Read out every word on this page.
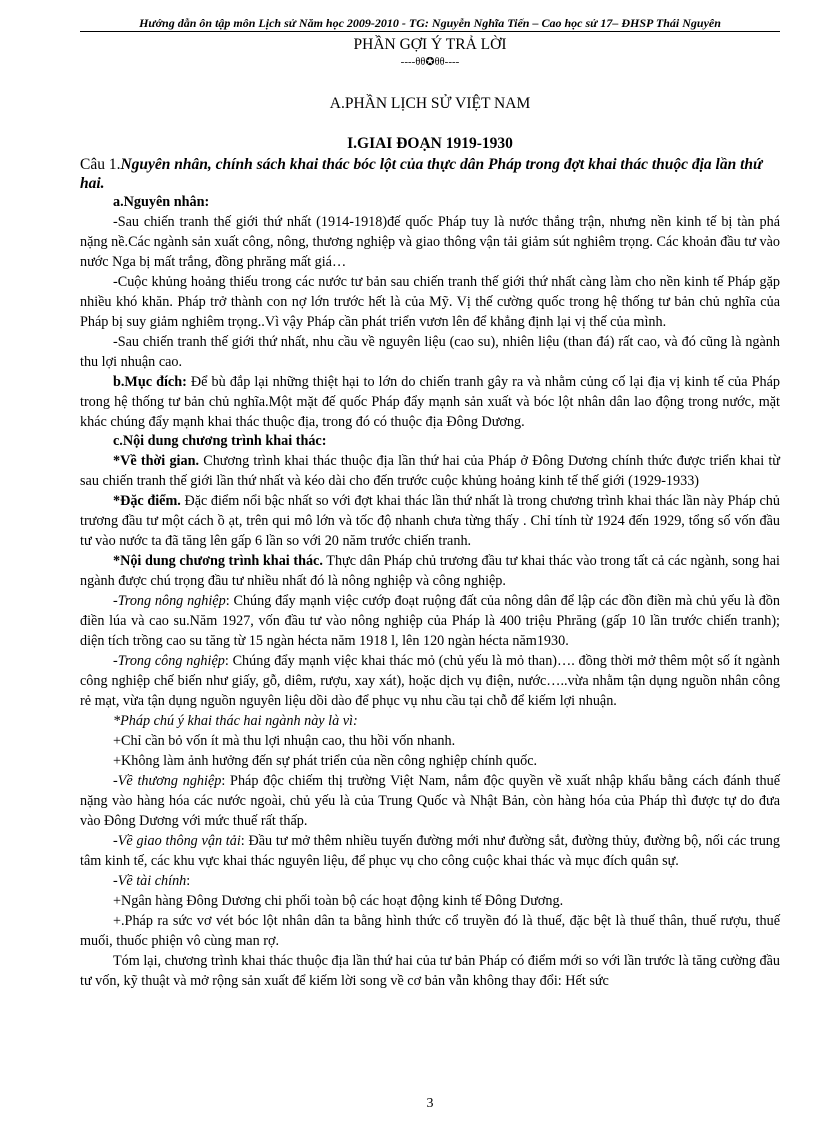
Hướng dẫn ôn tập môn Lịch sử Năm học 2009-2010 - TG: Nguyễn Nghĩa Tiến – Cao học sử 17– ĐHSP Thái Nguyên
PHẦN GỢI Ý TRẢ LỜI
----ᦲᦲ✪ᦲᦲ----
A.PHẦN LỊCH SỬ VIỆT NAM
I.GIAI ĐOẠN 1919-1930
Câu 1.Nguyên nhân, chính sách khai thác bóc lột của thực dân Pháp trong đợt khai thác thuộc địa lần thứ hai.
a.Nguyên nhân:

-Sau chiến tranh thế giới thứ nhất (1914-1918)đế quốc Pháp tuy là nước thắng trận, nhưng nền kinh tế bị tàn phá nặng nề.Các ngành sản xuất công, nông, thương nghiệp và giao thông vận tải giảm sút nghiêm trọng. Các khoản đầu tư vào nước Nga bị mất trắng, đồng phrăng mất giá…

-Cuộc khủng hoảng thiếu trong các nước tư bản sau chiến tranh thế giới thứ nhất càng làm cho nền kinh tế Pháp gặp nhiều khó khăn. Pháp trở thành con nợ lớn trước hết là của Mỹ. Vị thế cường quốc trong hệ thống tư bản chủ nghĩa của Pháp bị suy giảm nghiêm trọng..Vì vậy Pháp cần phát triển vươn lên để khẳng định lại vị thế của mình.

-Sau chiến tranh thế giới thứ nhất, nhu cầu về nguyên liệu (cao su), nhiên liệu (than đá) rất cao, và đó cũng là ngành thu lợi nhuận cao.

b.Mục đích: Để bù đắp lại những thiệt hại to lớn do chiến tranh gây ra và nhằm củng cố lại địa vị kinh tế của Pháp trong hệ thống tư bản chủ nghĩa.Một mặt đế quốc Pháp đẩy mạnh sản xuất và bóc lột nhân dân lao động trong nước, mặt khác chúng đẩy mạnh khai thác thuộc địa, trong đó có thuộc địa Đông Dương.

c.Nội dung chương trình khai thác:

*Về thời gian. Chương trình khai thác thuộc địa lần thứ hai của Pháp ở Đông Dương chính thức được triển khai từ sau chiến tranh thế giới lần thứ nhất và kéo dài cho đến trước cuộc khủng hoảng kinh tế thế giới (1929-1933)

*Đặc điểm. Đặc điểm nổi bậc nhất so với đợt khai thác lần thứ nhất là trong chương trình khai thác lần này Pháp chủ trương đầu tư một cách ồ ạt, trên qui mô lớn và tốc độ nhanh chưa từng thấy . Chỉ tính từ 1924 đến 1929, tổng số vốn đầu tư vào nước ta đã tăng lên gấp 6 lần so với 20 năm trước chiến tranh.

*Nội dung chương trình khai thác. Thực dân Pháp chủ trương đầu tư khai thác vào trong tất cả các ngành, song hai ngành được chú trọng đầu tư nhiều nhất đó là nông nghiệp và công nghiệp.

-Trong nông nghiệp: Chúng đẩy mạnh việc cướp đoạt ruộng đất của nông dân để lập các đồn điền mà chủ yếu là đồn điền lúa và cao su.Năm 1927, vốn đầu tư vào nông nghiệp của Pháp là 400 triệu Phrăng (gấp 10 lần trước chiến tranh); diện tích trồng cao su tăng từ 15 ngàn hécta năm 1918 l, lên 120 ngàn hécta năm1930.

-Trong công nghiệp: Chúng đẩy mạnh việc khai thác mỏ (chủ yếu là mỏ than)…. đồng thời mở thêm một số ít ngành công nghiệp chế biến như giấy, gỗ, diêm, rượu, xay xát), hoặc dịch vụ điện, nước…..vừa nhằm tận dụng nguồn nhân công rẻ mạt, vừa tận dụng nguồn nguyên liệu dồi dào để phục vụ nhu cầu tại chỗ để kiếm lợi nhuận.

*Pháp chú ý khai thác hai ngành này là vì:

+Chỉ cần bỏ vốn ít mà thu lợi nhuận cao, thu hồi vốn nhanh.

+Không làm ảnh hưởng đến sự phát triển của nền công nghiệp chính quốc.

-Về thương nghiệp: Pháp độc chiếm thị trường Việt Nam, nắm độc quyền về xuất nhập khẩu bằng cách đánh thuế nặng vào hàng hóa các nước ngoài, chủ yếu là của Trung Quốc và Nhật Bản, còn hàng hóa của Pháp thì được tự do đưa vào Đông Dương với mức thuế rất thấp.

-Về giao thông vận tải: Đầu tư mở thêm nhiều tuyến đường mới như đường sắt, đường thủy, đường bộ, nối các trung tâm kinh tế, các khu vực khai thác nguyên liệu, để phục vụ cho công cuộc khai thác và mục đích quân sự.

-Về tài chính:

+Ngân hàng Đông Dương chi phối toàn bộ các hoạt động kinh tế Đông Dương.

+.Pháp ra sức vơ vét bóc lột nhân dân ta bằng hình thức cổ truyền đó là thuế, đặc bệt là thuế thân, thuế rượu, thuế muối, thuốc phiện vô cùng man rợ.

Tóm lại, chương trình khai thác thuộc địa lần thứ hai của tư bản Pháp có điểm mới so với lần trước là tăng cường đầu tư vốn, kỹ thuật và mở rộng sản xuất để kiếm lời song về cơ bản vẫn không thay đổi: Hết sức

3
